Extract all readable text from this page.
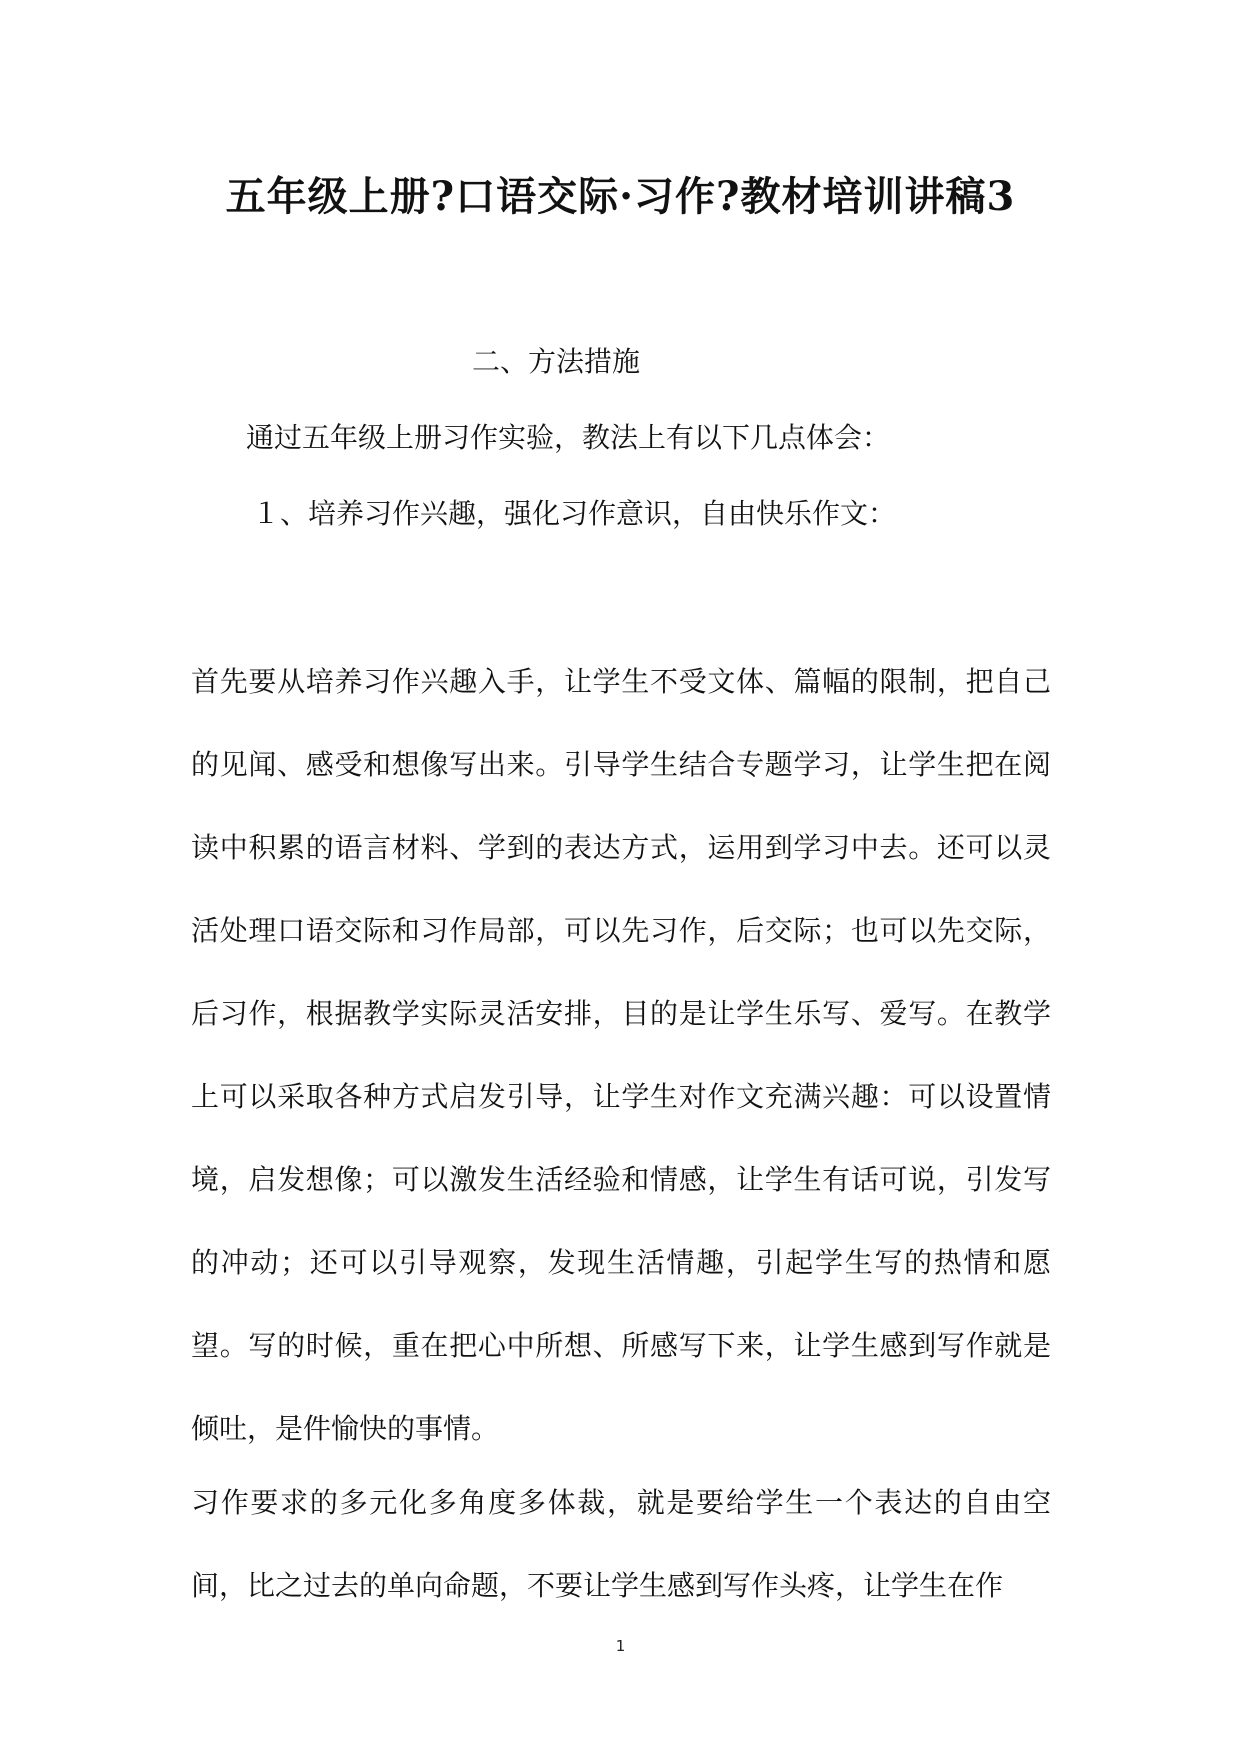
五年级上册?口语交际·习作?教材培训讲稿3
二、方法措施
通过五年级上册习作实验，教法上有以下几点体会：
１、培养习作兴趣，强化习作意识，自由快乐作文：

首先要从培养习作兴趣入手，让学生不受文体、篇幅的限制，把自己的见闻、感受和想像写出来。引导学生结合专题学习，让学生把在阅读中积累的语言材料、学到的表达方式，运用到学习中去。还可以灵活处理口语交际和习作局部，可以先习作，后交际；也可以先交际，后习作，根据教学实际灵活安排，目的是让学生乐写、爱写。在教学上可以采取各种方式启发引导，让学生对作文充满兴趣：可以设置情境，启发想像；可以激发生活经验和情感，让学生有话可说，引发写的冲动；还可以引导观察，发现生活情趣，引起学生写的热情和愿望。写的时候，重在把心中所想、所感写下来，让学生感到写作就是倾吐，是件愉快的事情。

习作要求的多元化多角度多体裁，就是要给学生一个表达的自由空间，比之过去的单向命题，不要让学生感到写作头疼，让学生在作

1
